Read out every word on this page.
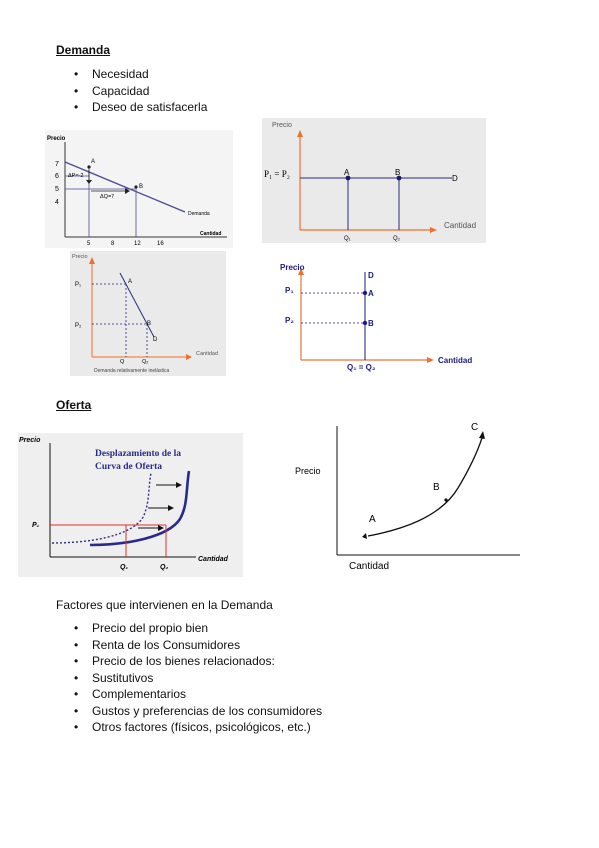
Demanda
• Necesidad
• Capacidad
• Deseo de satisfacerla
Precio
Cantidad
7
6
5
4
5	8	12	16
A
B
ΔP=-2
ΔQ=7
Demanda
Precio
Cantidad
P₁ = P₂	A	B
D
Q₁	Q₂
Precio
Cantidad
P₁
P₂
A
B
D
Q	Q₂
Demanda relativamente inelástica
Precio
Cantidad
P₁
P₂
A
B
D
Q₁ = Q₂
Oferta
Precio
Cantidad
Desplazamiento de la
Curva de Oferta
P₁
Q₁	Q₂
Precio
Cantidad
A
B
C
Factores que intervienen en la Demanda
• Precio del propio bien
• Renta de los Consumidores
• Precio de los bienes relacionados:
• Sustitutivos
• Complementarios
• Gustos y preferencias de los consumidores
• Otros factores (físicos, psicológicos, etc.)
